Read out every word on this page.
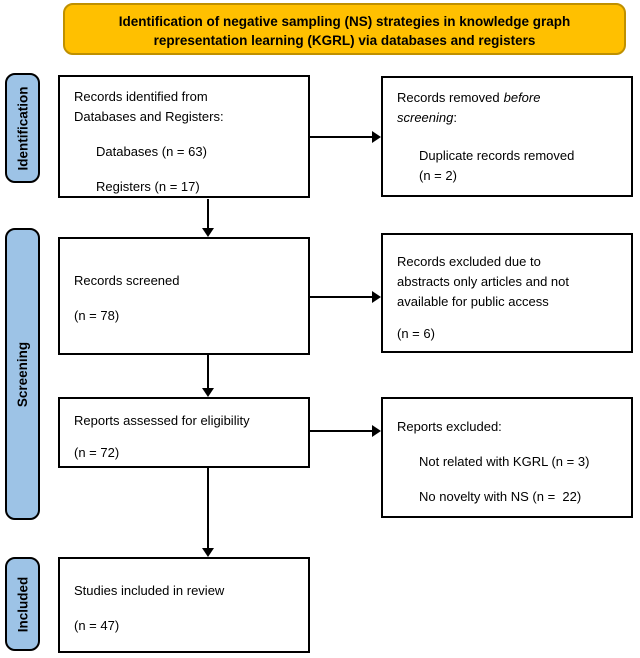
Identification of negative sampling (NS) strategies in knowledge graph
representation learning (KGRL) via databases and registers
Identification
Screening
Included

Records identified from

Databases and Registers:

Databases (n = 63)

Registers (n = 17)

Records removed before

screening:

Duplicate records removed

(n = 2)

Records screened

(n = 78)

Records excluded due to

abstracts only articles and not

available for public access

(n = 6)

Reports assessed for eligibility

(n = 72)

Reports excluded:

Not related with KGRL (n = 3)

No novelty with NS (n =  22)

Studies included in review

(n = 47)
